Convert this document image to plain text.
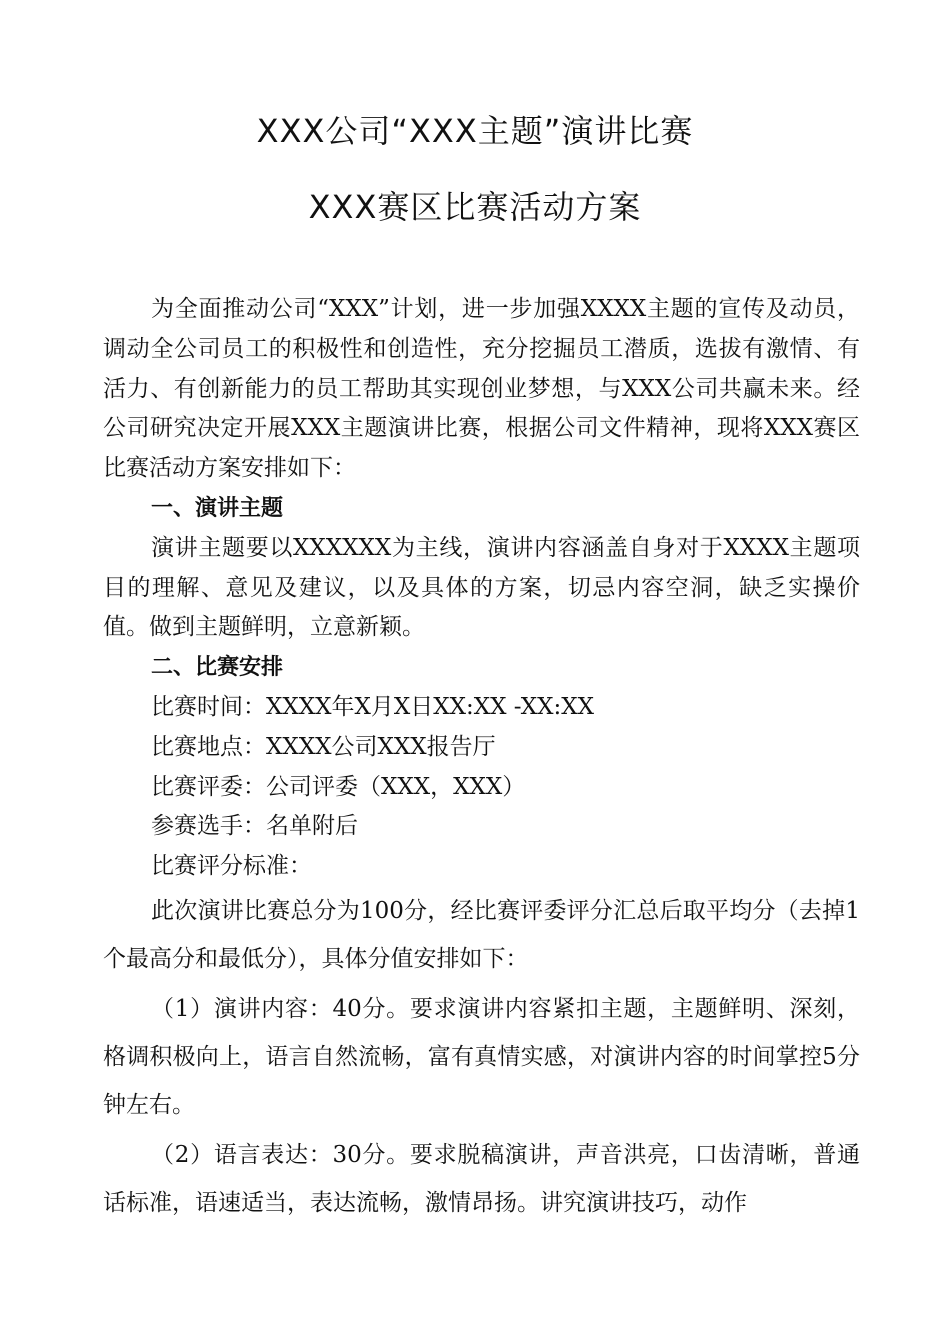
XXX公司“XXX主题”演讲比赛
XXX赛区比赛活动方案

为全面推动公司“XXX”计划，进一步加强XXXX主题的宣传及动员，调动全公司员工的积极性和创造性，充分挖掘员工潜质，选拔有激情、有活力、有创新能力的员工帮助其实现创业梦想，与XXX公司共赢未来。经公司研究决定开展XXX主题演讲比赛，根据公司文件精神，现将XXX赛区比赛活动方案安排如下：

一、演讲主题

演讲主题要以XXXXXX为主线，演讲内容涵盖自身对于XXXX主题项目的理解、意见及建议，以及具体的方案，切忌内容空洞，缺乏实操价值。做到主题鲜明，立意新颖。

二、比赛安排

比赛时间：XXXX年X月X日XX:XX -XX:XX

比赛地点：XXXX公司XXX报告厅

比赛评委：公司评委（XXX，XXX）

参赛选手：名单附后

比赛评分标准：

此次演讲比赛总分为100分，经比赛评委评分汇总后取平均分（去掉1个最高分和最低分），具体分值安排如下：

（1）演讲内容：40分。要求演讲内容紧扣主题，主题鲜明、深刻，格调积极向上，语言自然流畅，富有真情实感，对演讲内容的时间掌控5分钟左右。

（2）语言表达：30分。要求脱稿演讲，声音洪亮，口齿清晰，普通话标准，语速适当，表达流畅，激情昂扬。讲究演讲技巧，动作
